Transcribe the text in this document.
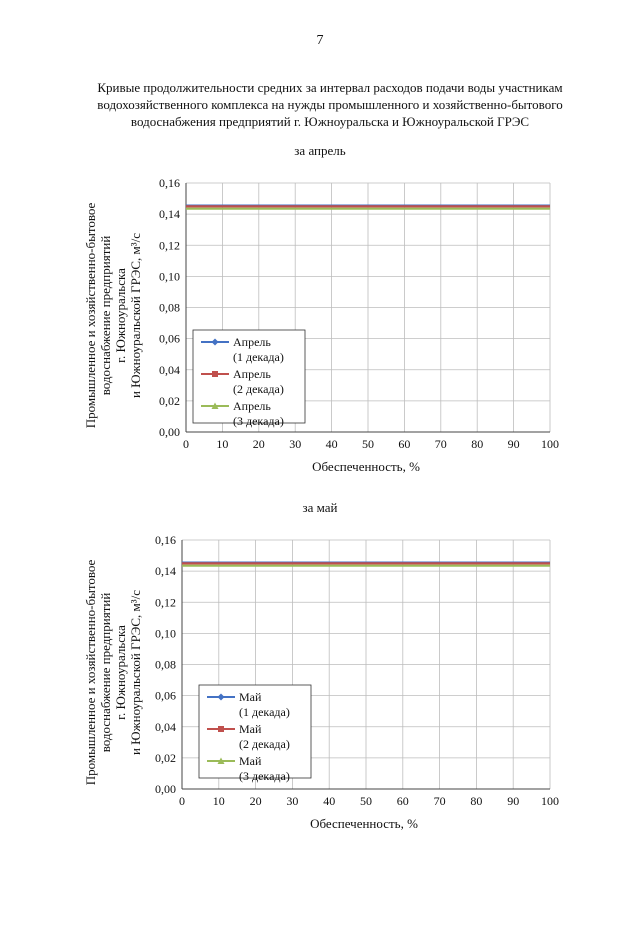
7
Кривые продолжительности средних за интервал расходов подачи воды участникам
водохозяйственного комплекса на нужды промышленного и хозяйственно-бытового
водоснабжения предприятий г. Южноуральска и Южноуральской ГРЭС
за апрель
0 10 20 30 40 50 60 70 80 90 100
0,00
0,02
0,04
0,06
0,08
0,10
0,12
0,14
0,16
Обеспеченность, %
Промышленное и хозяйственно-бытовое водоснабжение предприятий г. Южноуральска и Южноуральской ГРЭС, м³/с	Апрель
(1 декада)
Апрель
(2 декада)
Апрель
(3 декада)
за май
0 10 20 30 40 50 60 70 80 90 100
0,00
0,02
0,04
0,06
0,08
0,10
0,12
0,14
0,16
Обеспеченность, %
Промышленное и хозяйственно-бытовое водоснабжение предприятий г. Южноуральска и Южноуральской ГРЭС, м³/с	Май
(1 декада)
Май
(2 декада)
Май
(3 декада)
